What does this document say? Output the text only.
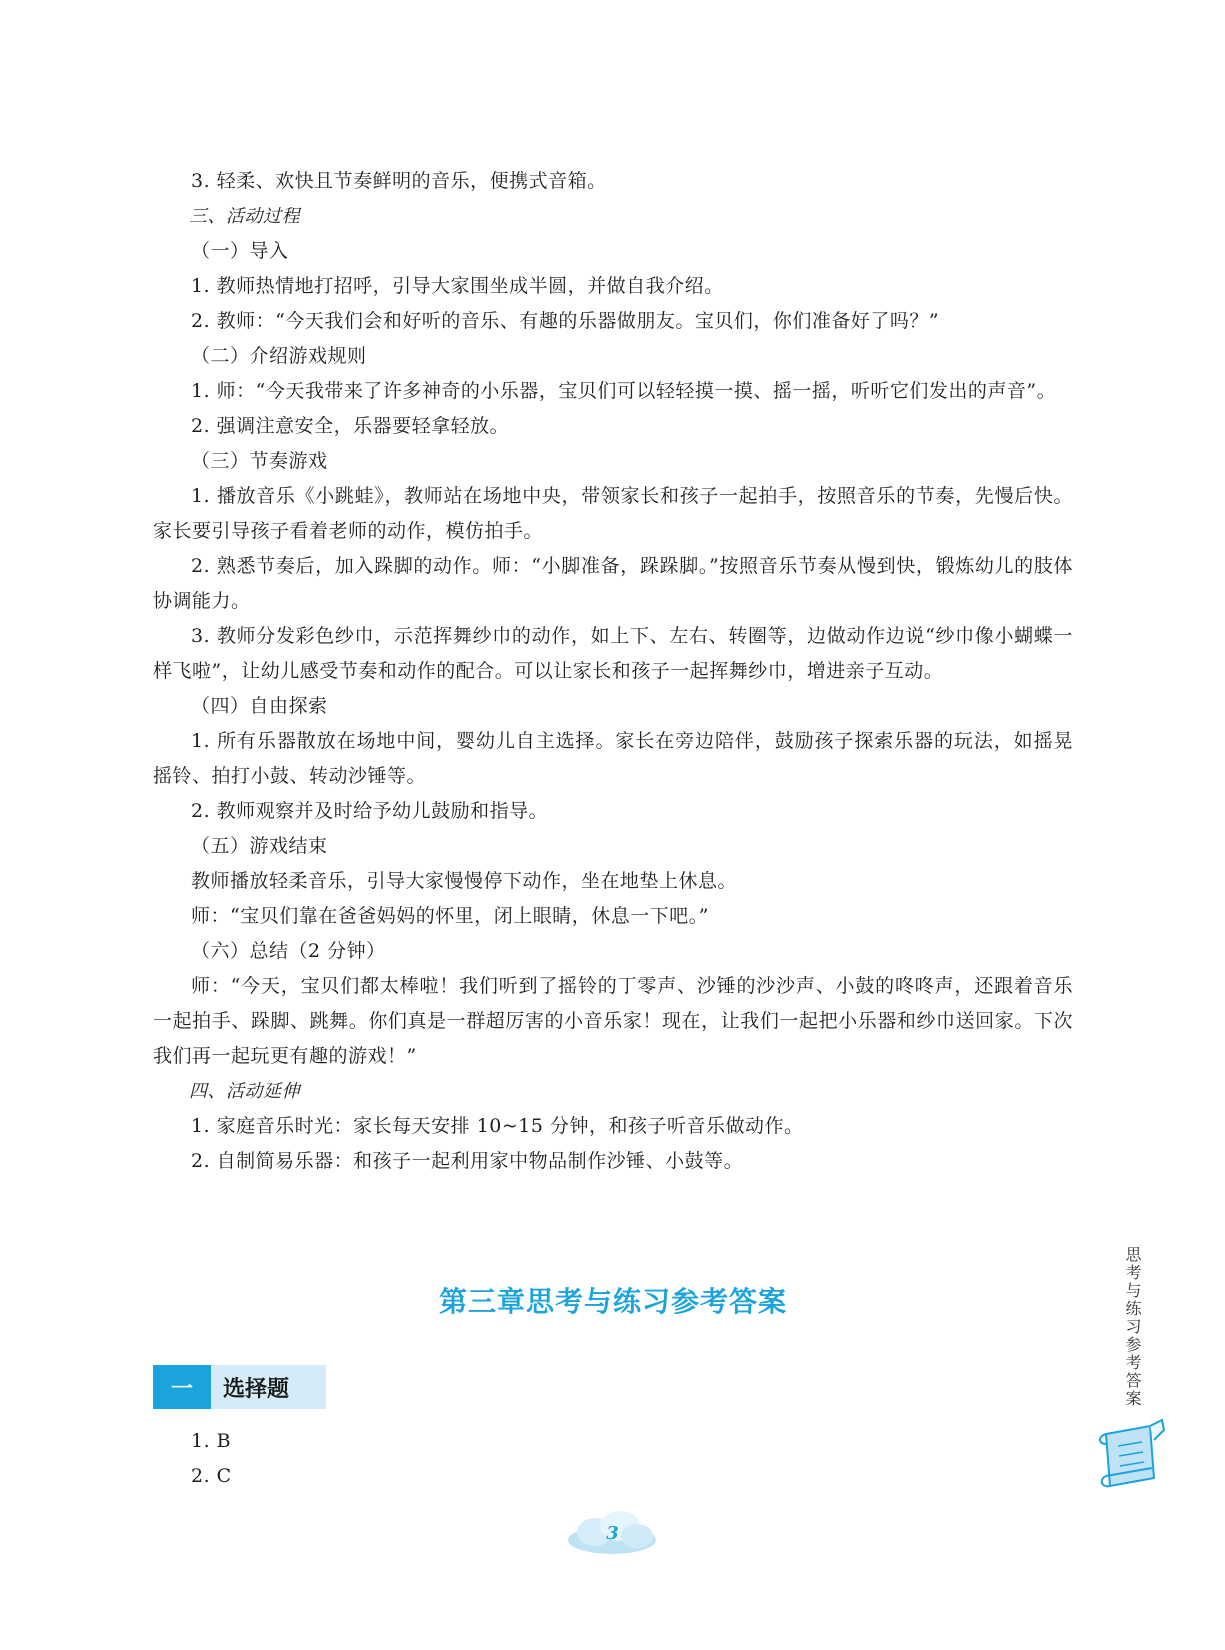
3. 轻柔、欢快且节奏鲜明的音乐，便携式音箱。

三、活动过程

（一）导入

1. 教师热情地打招呼，引导大家围坐成半圆，并做自我介绍。

2. 教师：“今天我们会和好听的音乐、有趣的乐器做朋友。宝贝们，你们准备好了吗？”

（二）介绍游戏规则

1. 师：“今天我带来了许多神奇的小乐器，宝贝们可以轻轻摸一摸、摇一摇，听听它们发出的声音”。

2. 强调注意安全，乐器要轻拿轻放。

（三）节奏游戏

1. 播放音乐《小跳蛙》，教师站在场地中央，带领家长和孩子一起拍手，按照音乐的节奏，先慢后快。家长要引导孩子看着老师的动作，模仿拍手。

2. 熟悉节奏后，加入跺脚的动作。师：“小脚准备，跺跺脚。”按照音乐节奏从慢到快，锻炼幼儿的肢体协调能力。

3. 教师分发彩色纱巾，示范挥舞纱巾的动作，如上下、左右、转圈等，边做动作边说“纱巾像小蝴蝶一样飞啦”，让幼儿感受节奏和动作的配合。可以让家长和孩子一起挥舞纱巾，增进亲子互动。

（四）自由探索

1. 所有乐器散放在场地中间，婴幼儿自主选择。家长在旁边陪伴，鼓励孩子探索乐器的玩法，如摇晃摇铃、拍打小鼓、转动沙锤等。

2. 教师观察并及时给予幼儿鼓励和指导。

（五）游戏结束

教师播放轻柔音乐，引导大家慢慢停下动作，坐在地垫上休息。

师：“宝贝们靠在爸爸妈妈的怀里，闭上眼睛，休息一下吧。”

（六）总结（2 分钟）

师：“今天，宝贝们都太棒啦！我们听到了摇铃的丁零声、沙锤的沙沙声、小鼓的咚咚声，还跟着音乐一起拍手、跺脚、跳舞。你们真是一群超厉害的小音乐家！现在，让我们一起把小乐器和纱巾送回家。下次我们再一起玩更有趣的游戏！”

四、活动延伸

1. 家庭音乐时光：家长每天安排 10~15 分钟，和孩子听音乐做动作。

2. 自制简易乐器：和孩子一起利用家中物品制作沙锤、小鼓等。

第三章思考与练习参考答案
一	选择题

1. B

2. C

思考与练习参考答案
3
